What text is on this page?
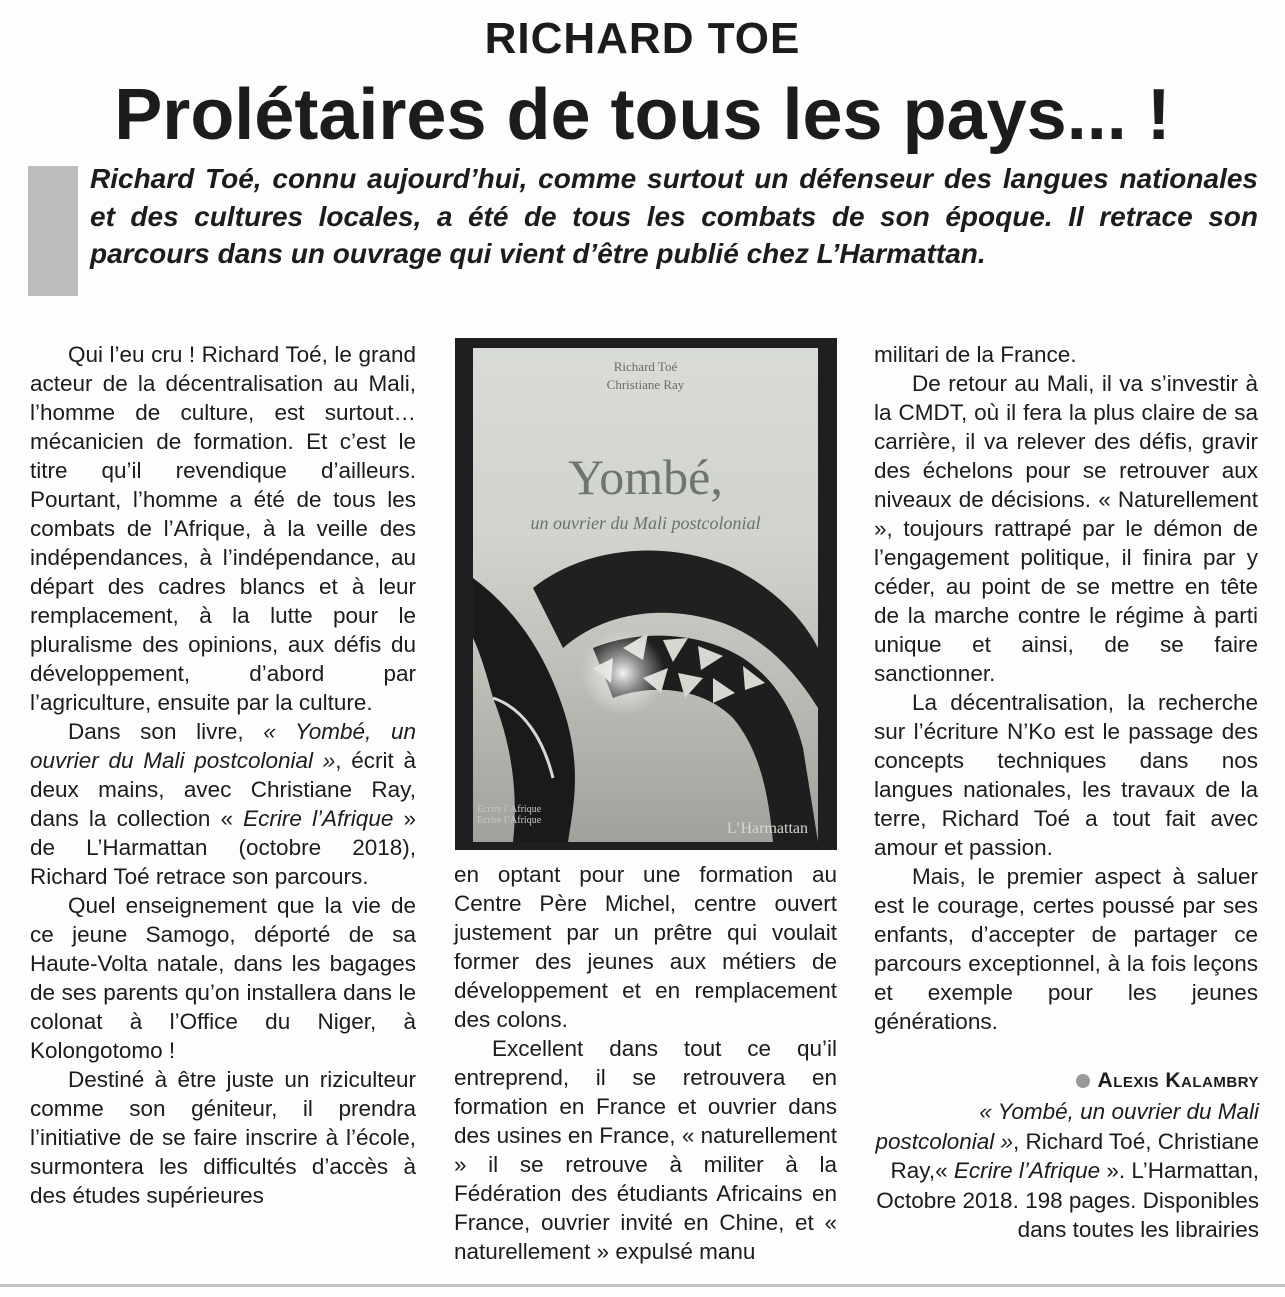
RICHARD TOE
Prolétaires de tous les pays... !
Richard Toé, connu aujourd’hui, comme surtout un défenseur des langues nationales et des cultures locales, a été de tous les combats de son époque. Il retrace son parcours dans un ouvrage qui vient d’être publié chez L’Harmattan.

Qui l’eu cru ! Richard Toé, le grand acteur de la décentralisation au Mali, l’homme de culture, est surtout… mécanicien de formation. Et c’est le titre qu’il revendique d’ailleurs. Pourtant, l’homme a été de tous les combats de l’Afrique, à la veille des indépendances, à l’indépendance, au départ des cadres blancs et à leur remplacement, à la lutte pour le pluralisme des opinions, aux défis du développement, d’abord par l’agriculture, ensuite par la culture.

Dans son livre, « Yombé, un ouvrier du Mali postcolonial », écrit à deux mains, avec Christiane Ray, dans la collection « Ecrire l’Afrique » de L’Harmattan (octobre 2018), Richard Toé retrace son parcours.

Quel enseignement que la vie de ce jeune Samogo, déporté de sa Haute-Volta natale, dans les bagages de ses parents qu’on installera dans le colonat à l’Office du Niger, à Kolongotomo !

Destiné à être juste un riziculteur comme son géniteur, il prendra l’initiative de se faire inscrire à l’école, surmontera les difficultés d’accès à des études supérieures

Richard Toé
Christiane Ray
Yombé,
un ouvrier du Mali postcolonial
Ecrire l’Afrique
Ecrire l’Afrique	L’Harmattan

en optant pour une formation au Centre Père Michel, centre ouvert justement par un prêtre qui voulait former des jeunes aux métiers de développement et en remplacement des colons.

Excellent dans tout ce qu’il entreprend, il se retrouvera en formation en France et ouvrier dans des usines en France, « naturellement » il se retrouve à militer à la Fédération des étudiants Africains en France, ouvrier invité en Chine, et « naturellement » expulsé manu

militari de la France.

De retour au Mali, il va s’investir à la CMDT, où il fera la plus claire de sa carrière, il va relever des défis, gravir des échelons pour se retrouver aux niveaux de décisions. « Naturellement », toujours rattrapé par le démon de l’engagement politique, il finira par y céder, au point de se mettre en tête de la marche contre le régime à parti unique et ainsi, de se faire sanctionner.

La décentralisation, la recherche sur l’écriture N’Ko est le passage des concepts techniques dans nos langues nationales, les travaux de la terre, Richard Toé a tout fait avec amour et passion.

Mais, le premier aspect à saluer est le courage, certes poussé par ses enfants, d’accepter de partager ce parcours exceptionnel, à la fois leçons et exemple pour les jeunes générations.

Alexis Kalambry
« Yombé, un ouvrier du Mali postcolonial », Richard Toé, Christiane Ray,« Ecrire l’Afrique ». L’Harmattan, Octobre 2018. 198 pages. Disponibles dans toutes les librairies
